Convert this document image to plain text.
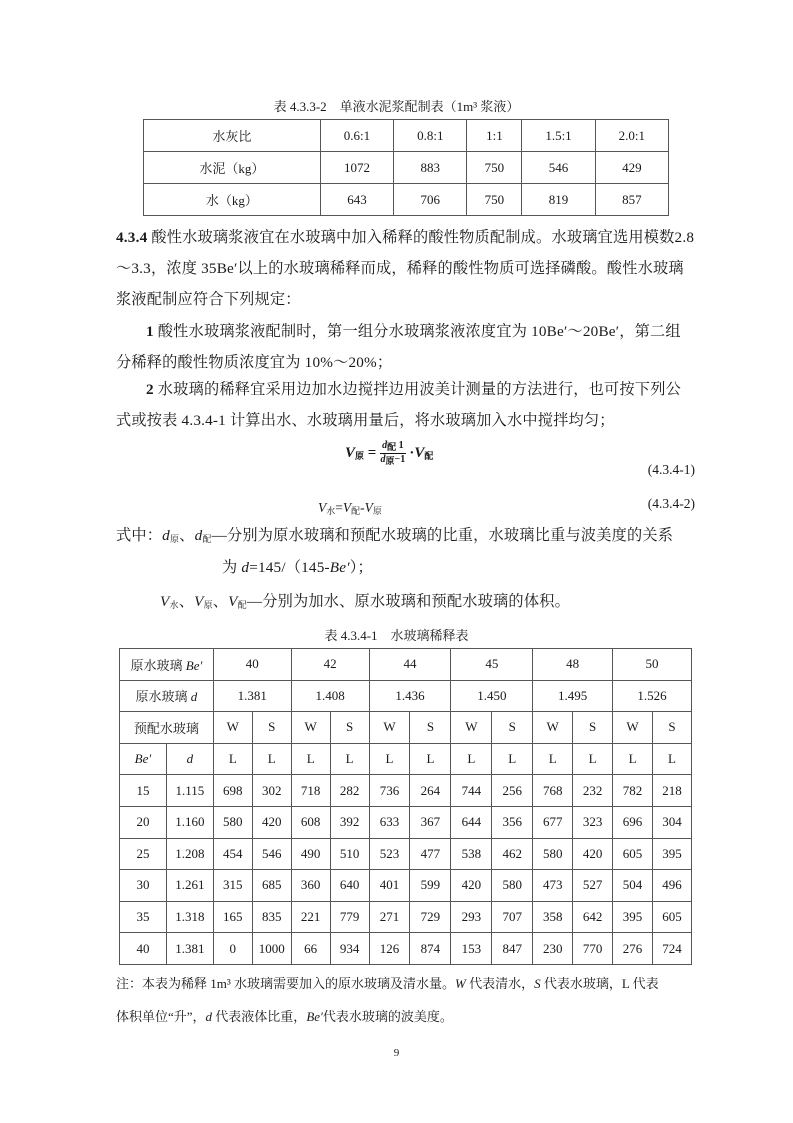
表 4.3.3-2　单液水泥浆配制表（1m³ 浆液）
水灰比	0.6:1	0.8:1	1:1	1.5:1	2.0:1
水泥（kg）	1072	883	750	546	429
水（kg）	643	706	750	819	857
4.3.4 酸性水玻璃浆液宜在水玻璃中加入稀释的酸性物质配制成。水玻璃宜选用模数2.8～3.3，浓度 35Be′以上的水玻璃稀释而成，稀释的酸性物质可选择磷酸。酸性水玻璃浆液配制应符合下列规定：
1 酸性水玻璃浆液配制时，第一组分水玻璃浆液浓度宜为 10Be′～20Be′，第二组分稀释的酸性物质浓度宜为 10%～20%；
2 水玻璃的稀释宜采用边加水边搅拌边用波美计测量的方法进行，也可按下列公式或按表 4.3.4-1 计算出水、水玻璃用量后，将水玻璃加入水中搅拌均匀；
$V_原 = \frac{\text{d配 1}}{\text{d原−1}} \cdot V_配$
(4.3.4-1)
$V_水=V_配-V_原$	(4.3.4-2)
式中：$d_原$、$d_配—$分别为原水玻璃和预配水玻璃的比重，水玻璃比重与波美度的关系
为 d=145/（145-Be′）；
$V_水$、$V_原$、$V_配—$分别为加水、原水玻璃和预配水玻璃的体积。
表 4.3.4-1　水玻璃稀释表
原水玻璃 Be′		40		42		44		45		48		50	
原水玻璃 d		1.381		1.408		1.436		1.450		1.495		1.526	
预配水玻璃		W	S	W	S	W	S	W	S	W	S	W	S
Be′	d	L	L	L	L	L	L	L	L	L	L	L	L
15	1.115	698	302	718	282	736	264	744	256	768	232	782	218
20	1.160	580	420	608	392	633	367	644	356	677	323	696	304
25	1.208	454	546	490	510	523	477	538	462	580	420	605	395
30	1.261	315	685	360	640	401	599	420	580	473	527	504	496
35	1.318	165	835	221	779	271	729	293	707	358	642	395	605
40	1.381	0	1000	66	934	126	874	153	847	230	770	276	724
注：本表为稀释 1m³ 水玻璃需要加入的原水玻璃及清水量。W 代表清水，S 代表水玻璃，L 代表
体积单位“升”，d 代表液体比重，Be′代表水玻璃的波美度。
9
